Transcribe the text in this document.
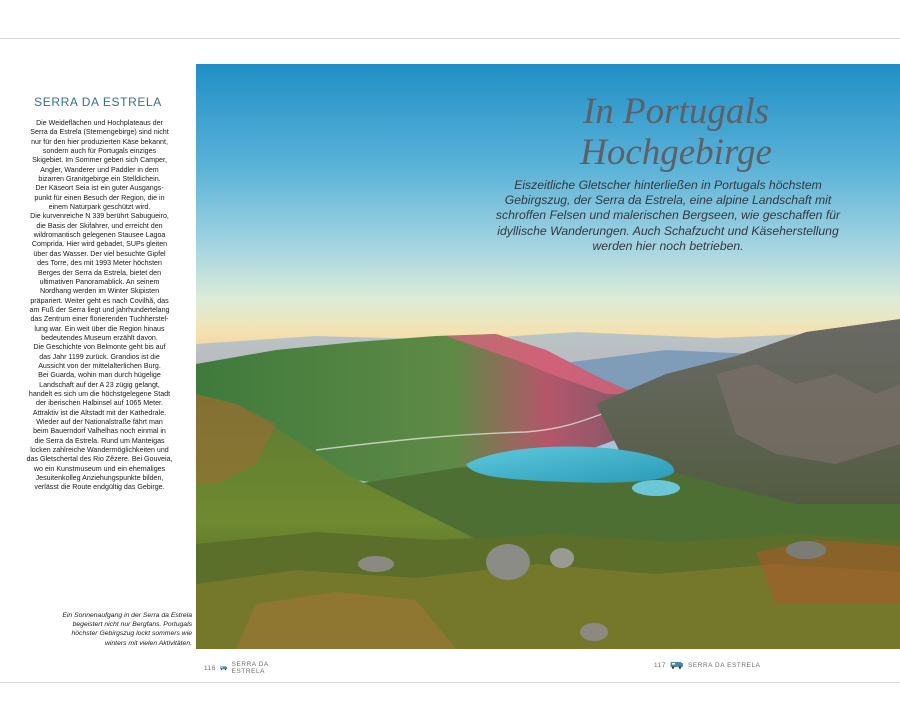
SERRA DA ESTRELA

Die Weideflächen und Hochplateaus der

Serra da Estrela (Sternengebirge) sind nicht

nur für den hier produzierten Käse bekannt,

sondern auch für Portugals einziges

Skigebiet. Im Sommer geben sich Camper,

Angler, Wanderer und Paddler in dem

bizarren Granitgebirge ein Stelldichein.

Der Käseort Seia ist ein guter Ausgangs-

punkt für einen Besuch der Region, die in

einem Naturpark geschützt wird.

Die kurvenreiche N 339 berührt Sabugueiro,

die Basis der Skifahrer, und erreicht den

wildromantisch gelegenen Stausee Lagoa

Comprida. Hier wird gebadet, SUPs gleiten

über das Wasser. Der viel besuchte Gipfel

des Torre, des mit 1993 Meter höchsten

Berges der Serra da Estrela, bietet den

ultimativen Panoramablick. An seinem

Nordhang werden im Winter Skipisten

präpariert. Weiter geht es nach Covilhã, das

am Fuß der Serra liegt und jahrhundertelang

das Zentrum einer florierenden Tuchherstel-

lung war. Ein weit über die Region hinaus

bedeutendes Museum erzählt davon.

Die Geschichte von Belmonte geht bis auf

das Jahr 1199 zurück. Grandios ist die

Aussicht von der mittelalterlichen Burg.

Bei Guarda, wohin man durch hügelige

Landschaft auf der A 23 zügig gelangt,

handelt es sich um die höchstgelegene Stadt

der iberischen Halbinsel auf 1065 Meter.

Attraktiv ist die Altstadt mit der Kathedrale.

Wieder auf der Nationalstraße fährt man

beim Bauerndorf Valhelhas noch einmal in

die Serra da Estrela. Rund um Manteigas

locken zahlreiche Wandermöglichkeiten und

das Gletschertal des Rio Zêzere. Bei Gouveia,

wo ein Kunstmuseum und ein ehemaliges

Jesuitenkolleg Anziehungspunkte bilden,

verlässt die Route endgültig das Gebirge.

Ein Sonnenaufgang in der Serra da Estrela

begeistert nicht nur Bergfans. Portugals

höchster Gebirgszug lockt sommers wie

winters mit vielen Aktivitäten.

116 SERRA DA ESTRELA
In Portugals
Hochgebirge

Eiszeitliche Gletscher hinterließen in Portugals höchstem

Gebirgszug, der Serra da Estrela, eine alpine Landschaft mit

schroffen Felsen und malerischen Bergseen, wie geschaffen für

idyllische Wanderungen. Auch Schafzucht und Käseherstellung

werden hier noch betrieben.

117	SERRA DA ESTRELA
